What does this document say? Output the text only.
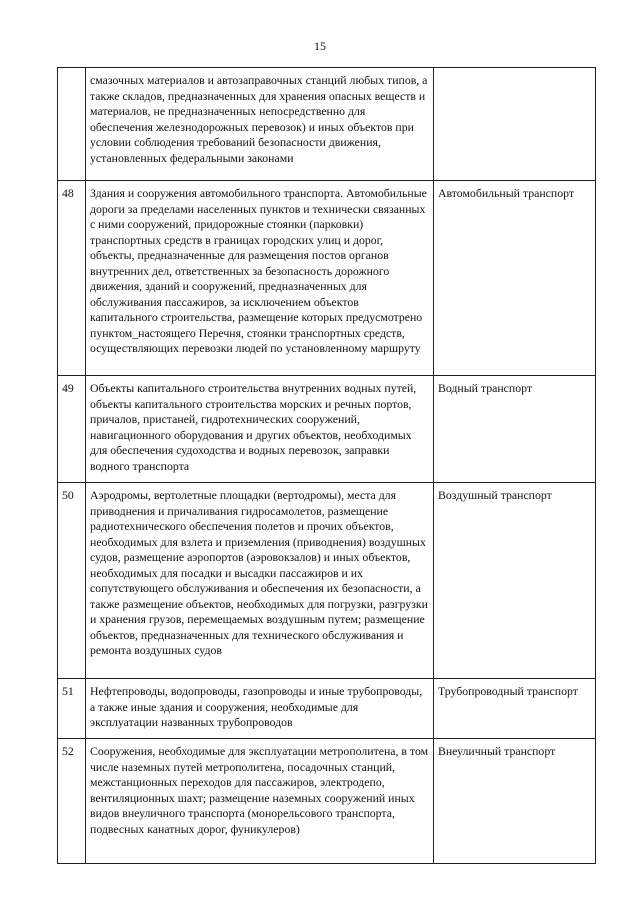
15
	смазочных материалов и автозаправочных станций любых типов, а также складов, предназначенных для хранения опасных веществ и материалов, не предназначенных непосредственно для обеспечения железнодорожных перевозок) и иных объектов при условии соблюдения требований безопасности движения, установленных федеральными законами	
48	Здания и сооружения автомобильного транспорта. Автомобильные дороги за пределами населенных пунктов и технически связанных с ними сооружений, придорожные стоянки (парковки) транспортных средств в границах городских улиц и дорог, объекты, предназначенные для размещения постов органов внутренних дел, ответственных за безопасность дорожного движения, зданий и сооружений, предназначенных для обслуживания пассажиров, за исключением объектов капитального строительства, размещение которых предусмотрено пунктом_настоящего Перечня, стоянки транспортных средств, осуществляющих перевозки людей по установленному маршруту	Автомобильный транспорт
49	Объекты капитального строительства внутренних водных путей, объекты капитального строительства морских и речных портов, причалов, пристаней, гидротехнических сооружений, навигационного оборудования и других объектов, необходимых для обеспечения судоходства и водных перевозок, заправки водного транспорта	Водный транспорт
50	Аэродромы, вертолетные площадки (вертодромы), места для приводнения и причаливания гидросамолетов, размещение радиотехнического обеспечения полетов и прочих объектов, необходимых для взлета и приземления (приводнения) воздушных судов, размещение аэропортов (аэровокзалов) и иных объектов, необходимых для посадки и высадки пассажиров и их сопутствующего обслуживания и обеспечения их безопасности, а также размещение объектов, необходимых для погрузки, разгрузки и хранения грузов, перемещаемых воздушным путем; размещение объектов, предназначенных для технического обслуживания и ремонта воздушных судов	Воздушный транспорт
51	Нефтепроводы, водопроводы, газопроводы и иные трубопроводы, а также иные здания и сооружения, необходимые для эксплуатации названных трубопроводов	Трубопроводный транспорт
52	Сооружения, необходимые для эксплуатации метрополитена, в том числе наземных путей метрополитена, посадочных станций, межстанционных переходов для пассажиров, электродепо, вентиляционных шахт; размещение наземных сооружений иных видов внеуличного транспорта (монорельсового транспорта, подвесных канатных дорог, фуникулеров)	Внеуличный транспорт
